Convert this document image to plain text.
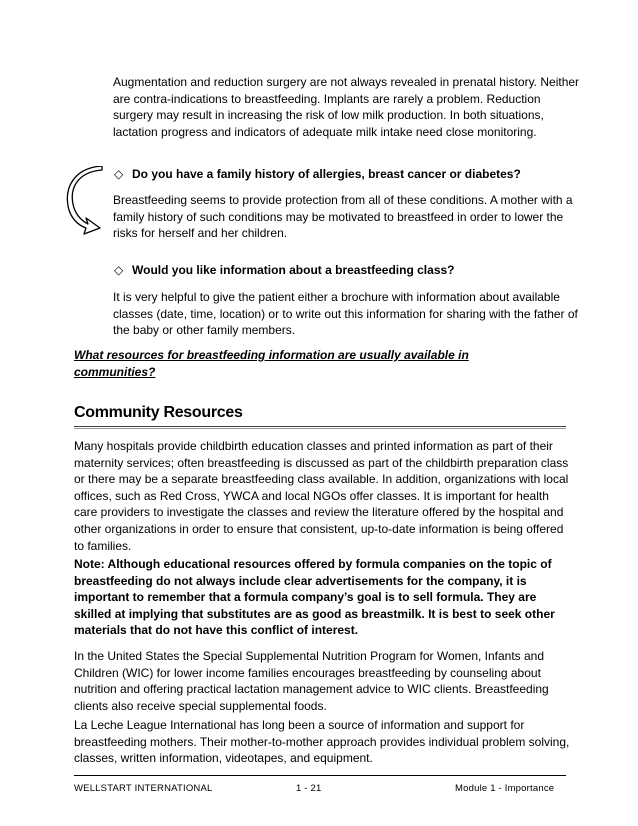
Augmentation and reduction surgery are not always revealed in prenatal history. Neither are contra-indications to breastfeeding. Implants are rarely a problem. Reduction surgery may result in increasing the risk of low milk production. In both situations, lactation progress and indicators of adequate milk intake need close monitoring.

◇ Do you have a family history of allergies, breast cancer or diabetes?

Breastfeeding seems to provide protection from all of these conditions. A mother with a family history of such conditions may be motivated to breastfeed in order to lower the risks for herself and her children.

◇ Would you like information about a breastfeeding class?

It is very helpful to give the patient either a brochure with information about available classes (date, time, location) or to write out this information for sharing with the father of the baby or other family members.

What resources for breastfeeding information are usually available in communities?

Community Resources

Many hospitals provide childbirth education classes and printed information as part of their maternity services; often breastfeeding is discussed as part of the childbirth preparation class or there may be a separate breastfeeding class available. In addition, organizations with local offices, such as Red Cross, YWCA and local NGOs offer classes. It is important for health care providers to investigate the classes and review the literature offered by the hospital and other organizations in order to ensure that consistent, up-to-date information is being offered to families.

Note: Although educational resources offered by formula companies on the topic of breastfeeding do not always include clear advertisements for the company, it is important to remember that a formula company’s goal is to sell formula. They are skilled at implying that substitutes are as good as breastmilk. It is best to seek other materials that do not have this conflict of interest.

In the United States the Special Supplemental Nutrition Program for Women, Infants and Children (WIC) for lower income families encourages breastfeeding by counseling about nutrition and offering practical lactation management advice to WIC clients. Breastfeeding clients also receive special supplemental foods.

La Leche League International has long been a source of information and support for breastfeeding mothers. Their mother-to-mother approach provides individual problem solving, classes, written information, videotapes, and equipment.

WELLSTART INTERNATIONAL	1 - 21	Module 1 - Importance
